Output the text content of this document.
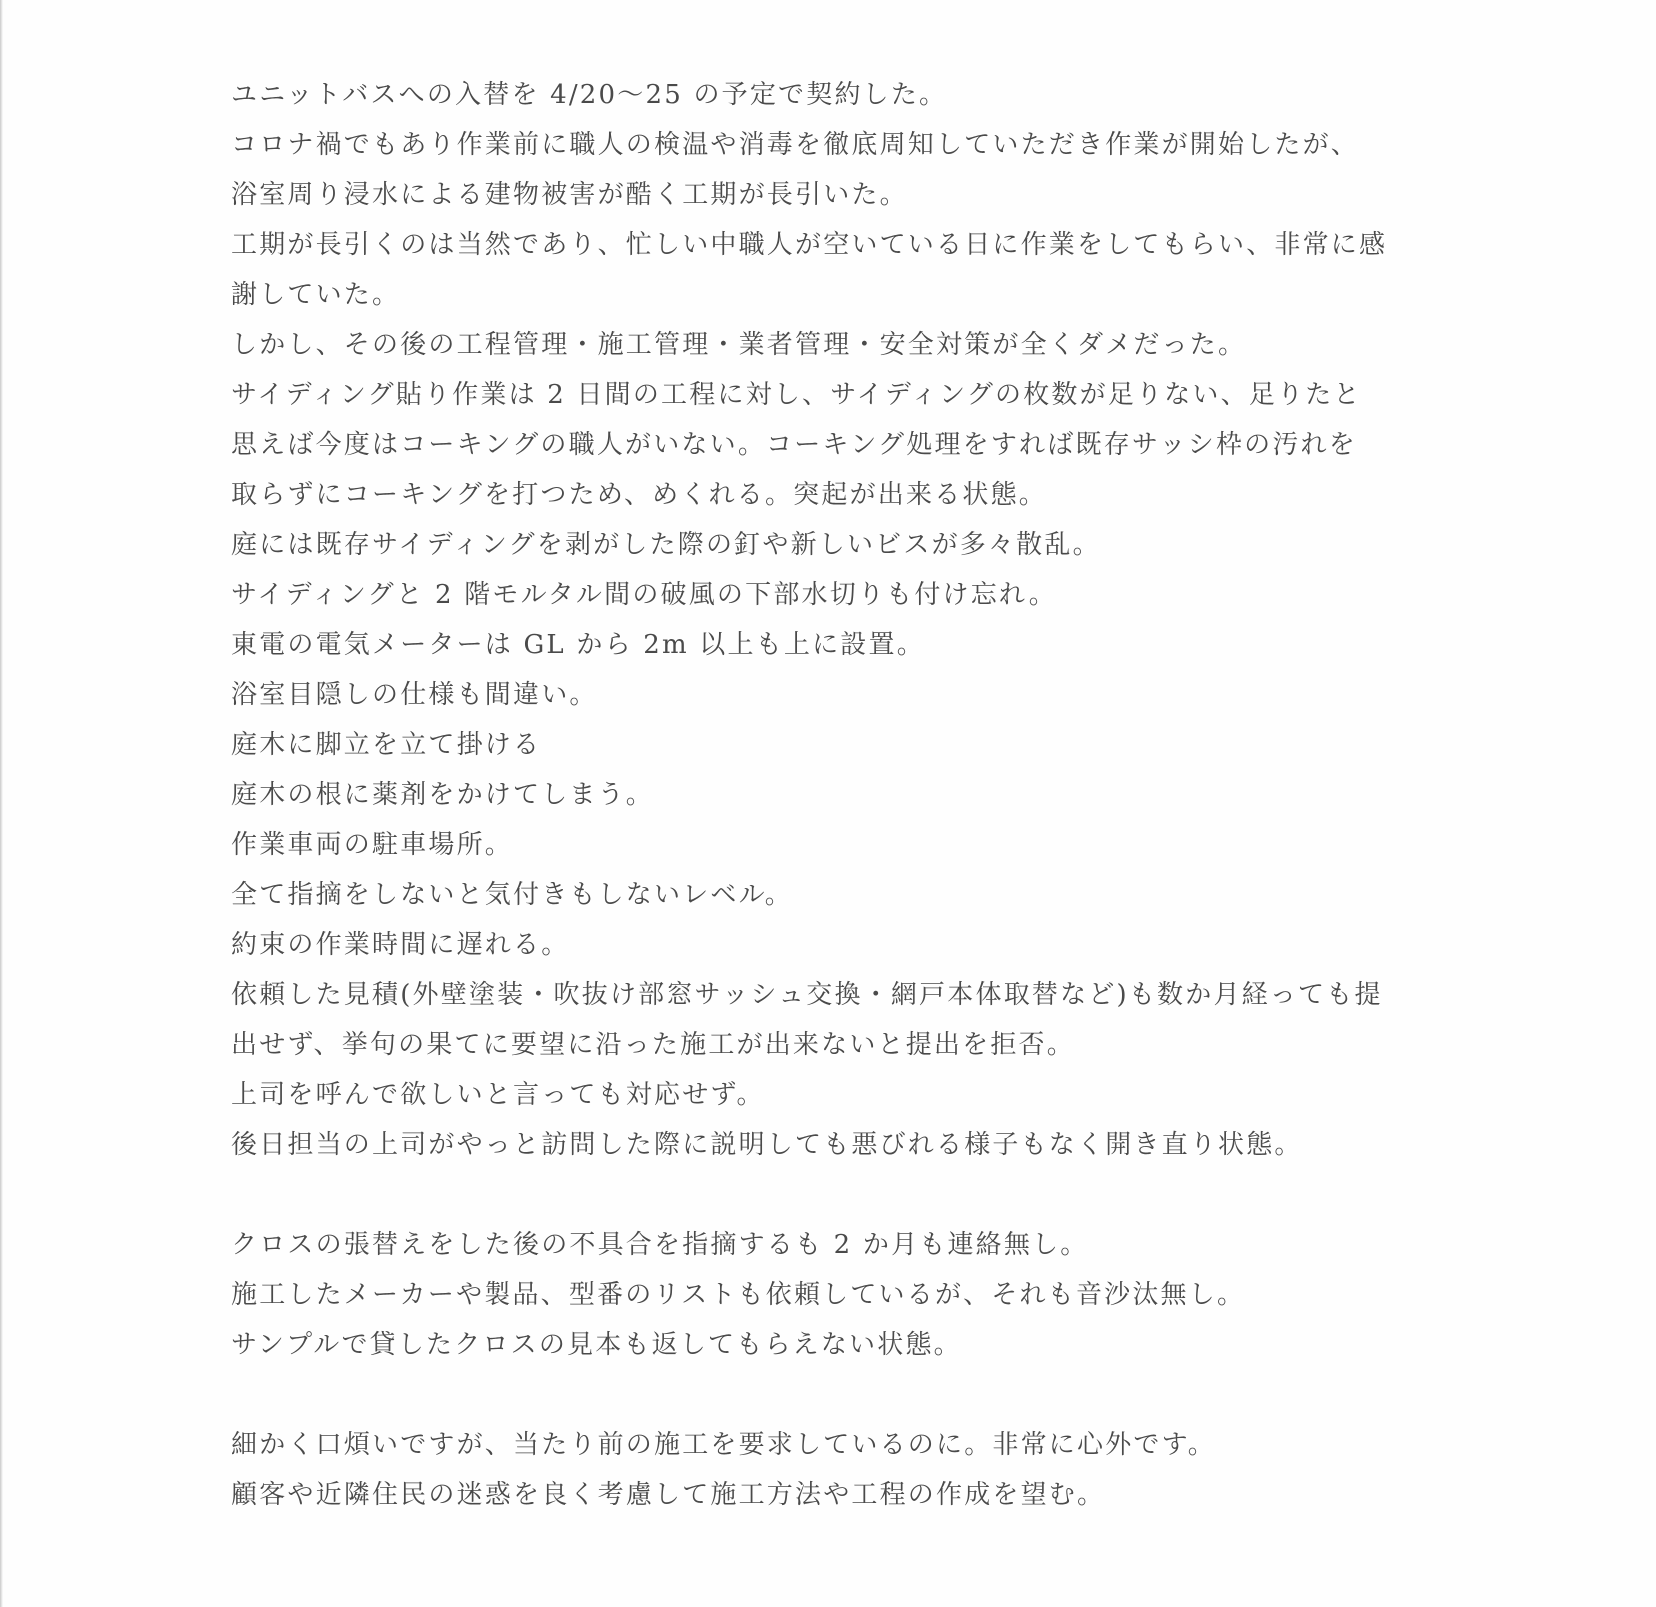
ユニットバスへの入替を 4/20～25 の予定で契約した。
コロナ禍でもあり作業前に職人の検温や消毒を徹底周知していただき作業が開始したが、
浴室周り浸水による建物被害が酷く工期が長引いた。
工期が長引くのは当然であり、忙しい中職人が空いている日に作業をしてもらい、非常に感
謝していた。
しかし、その後の工程管理・施工管理・業者管理・安全対策が全くダメだった。
サイディング貼り作業は 2 日間の工程に対し、サイディングの枚数が足りない、足りたと
思えば今度はコーキングの職人がいない。コーキング処理をすれば既存サッシ枠の汚れを
取らずにコーキングを打つため、めくれる。突起が出来る状態。
庭には既存サイディングを剥がした際の釘や新しいビスが多々散乱。
サイディングと 2 階モルタル間の破風の下部水切りも付け忘れ。
東電の電気メーターは GL から 2m 以上も上に設置。
浴室目隠しの仕様も間違い。
庭木に脚立を立て掛ける
庭木の根に薬剤をかけてしまう。
作業車両の駐車場所。
全て指摘をしないと気付きもしないレベル。
約束の作業時間に遅れる。
依頼した見積(外壁塗装・吹抜け部窓サッシュ交換・網戸本体取替など)も数か月経っても提
出せず、挙句の果てに要望に沿った施工が出来ないと提出を拒否。
上司を呼んで欲しいと言っても対応せず。
後日担当の上司がやっと訪問した際に説明しても悪びれる様子もなく開き直り状態。
クロスの張替えをした後の不具合を指摘するも 2 か月も連絡無し。
施工したメーカーや製品、型番のリストも依頼しているが、それも音沙汰無し。
サンプルで貸したクロスの見本も返してもらえない状態。
細かく口煩いですが、当たり前の施工を要求しているのに。非常に心外です。
顧客や近隣住民の迷惑を良く考慮して施工方法や工程の作成を望む。
